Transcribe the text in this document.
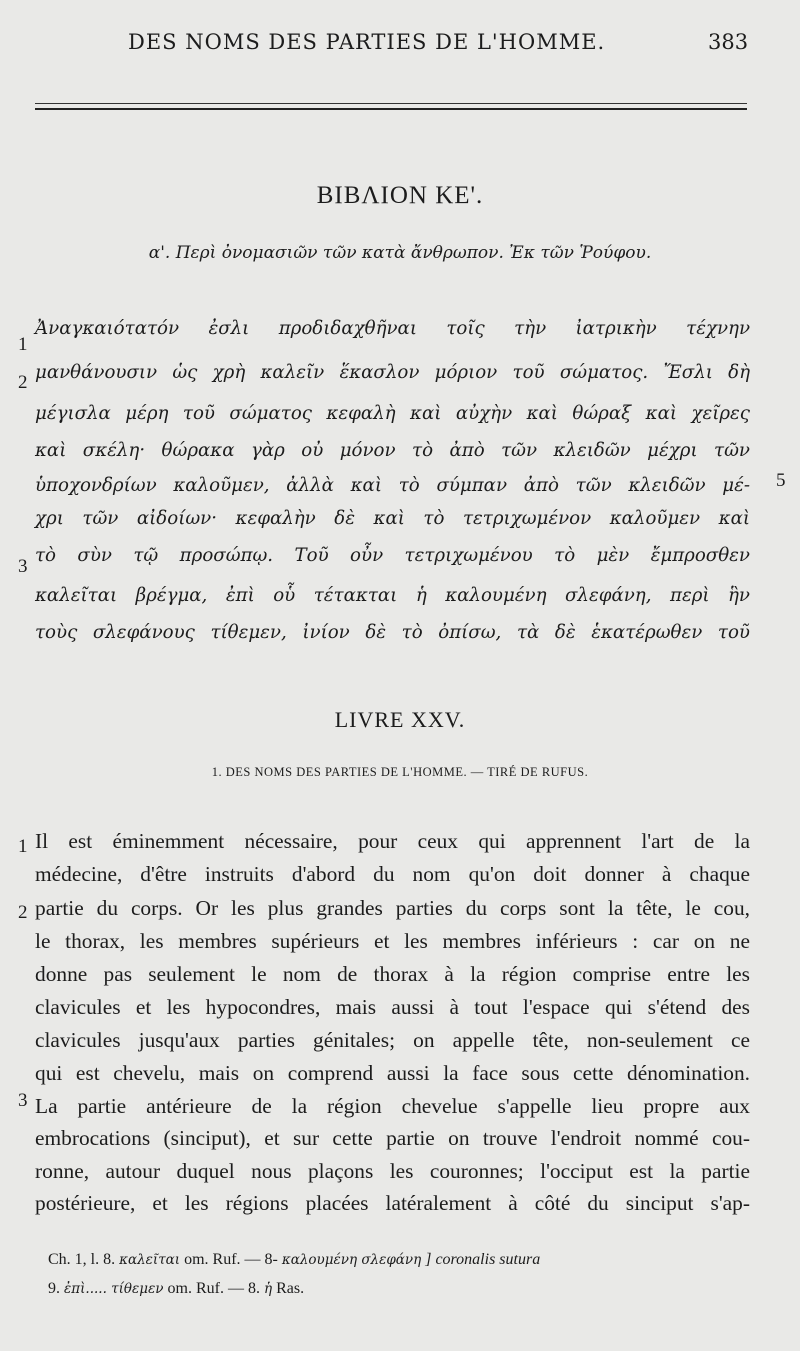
DES NOMS DES PARTIES DE L'HOMME.	383
ΒΙΒΛΙΟΝ ΚΕ'.
α'. Περὶ ὀνομασιῶν τῶν κατὰ ἄνθρωπον. Ἐκ τῶν Ῥούφου.
Ἀναγκαιότατόν ἐσλι προδιδαχθῆναι τοῖς τὴν ἰατρικὴν τέχνην
μανθάνουσιν ὡς χρὴ καλεῖν ἕκασλον μόριον τοῦ σώματος. Ἔσλι δὴ
μέγισλα μέρη τοῦ σώματος κεφαλὴ καὶ αὐχὴν καὶ θώραξ καὶ χεῖρες
καὶ σκέλη· θώρακα γὰρ οὐ μόνον τὸ ἀπὸ τῶν κλειδῶν μέχρι τῶν
ὑποχονδρίων καλοῦμεν, ἀλλὰ καὶ τὸ σύμπαν ἀπὸ τῶν κλειδῶν μέ-
χρι τῶν αἰδοίων· κεφαλὴν δὲ καὶ τὸ τετριχωμένον καλοῦμεν καὶ
τὸ σὺν τῷ προσώπῳ. Τοῦ οὖν τετριχωμένου τὸ μὲν ἔμπροσθεν
καλεῖται βρέγμα, ἐπὶ οὗ τέτακται ἡ καλουμένη σλεφάνη, περὶ ἣν
τοὺς σλεφάνους τίθεμεν, ἰνίον δὲ τὸ ὀπίσω, τὰ δὲ ἑκατέρωθεν τοῦ
1
2
3
5
LIVRE XXV.
1. DES NOMS DES PARTIES DE L'HOMME. — TIRÉ DE RUFUS.
Il est éminemment nécessaire, pour ceux qui apprennent l'art de la
médecine, d'être instruits d'abord du nom qu'on doit donner à chaque
partie du corps. Or les plus grandes parties du corps sont la tête, le cou,
le thorax, les membres supérieurs et les membres inférieurs : car on ne
donne pas seulement le nom de thorax à la région comprise entre les
clavicules et les hypocondres, mais aussi à tout l'espace qui s'étend des
clavicules jusqu'aux parties génitales; on appelle tête, non-seulement ce
qui est chevelu, mais on comprend aussi la face sous cette dénomination.
La partie antérieure de la région chevelue s'appelle lieu propre aux
embrocations (sinciput), et sur cette partie on trouve l'endroit nommé cou-
ronne, autour duquel nous plaçons les couronnes; l'occiput est la partie
postérieure, et les régions placées latéralement à côté du sinciput s'ap-
1
2
3
Ch. 1, l. 8. καλεῖται om. Ruf. — 8- καλουμένη σλεφάνη ] coronalis sutura
9. ἐπὶ..... τίθεμεν om. Ruf. — 8. ἡ Ras.
